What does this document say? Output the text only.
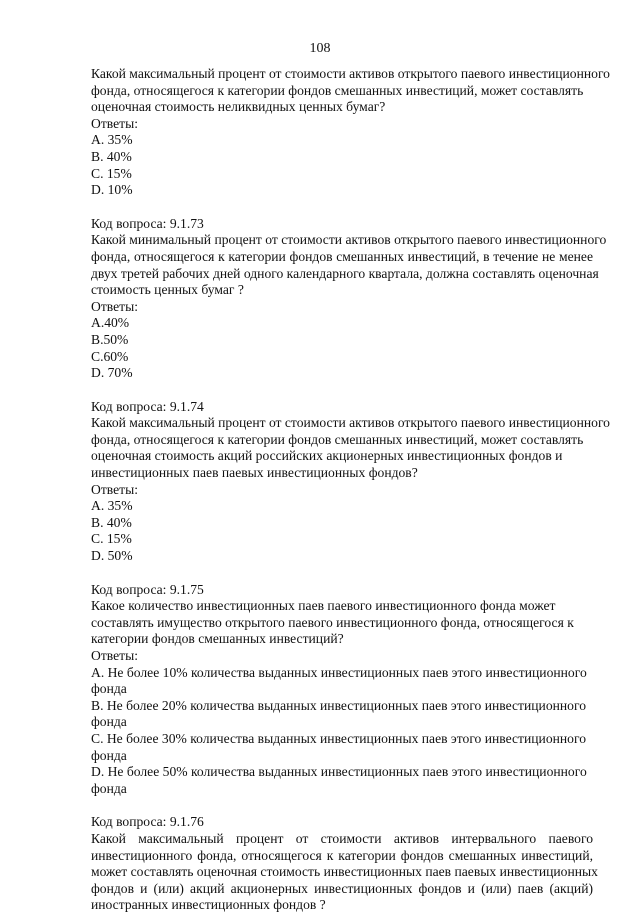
108
Какой максимальный процент от стоимости активов открытого паевого инвестиционного
фонда, относящегося к категории фондов смешанных инвестиций, может составлять
оценочная стоимость неликвидных ценных бумаг?
Ответы:
A. 35%
B. 40%
C. 15%
D. 10%
Код вопроса: 9.1.73
Какой минимальный процент от стоимости активов открытого паевого инвестиционного
фонда, относящегося к категории фондов смешанных инвестиций, в течение не менее
двух третей рабочих дней одного календарного квартала, должна составлять оценочная
стоимость ценных бумаг ?
Ответы:
A.40%
B.50%
C.60%
D. 70%
Код вопроса: 9.1.74
Какой максимальный процент от стоимости активов открытого паевого инвестиционного
фонда, относящегося к категории фондов смешанных инвестиций, может составлять
оценочная стоимость акций российских акционерных инвестиционных фондов и
инвестиционных паев паевых инвестиционных фондов?
Ответы:
A. 35%
B. 40%
C. 15%
D. 50%
Код вопроса: 9.1.75
Какое количество инвестиционных паев паевого инвестиционного фонда может
составлять имущество открытого паевого инвестиционного фонда, относящегося к
категории фондов смешанных инвестиций?
Ответы:
A. Не более 10% количества выданных инвестиционных паев этого инвестиционного
фонда
B. Не более 20% количества выданных инвестиционных паев этого инвестиционного
фонда
C. Не более 30% количества выданных инвестиционных паев этого инвестиционного
фонда
D. Не более 50% количества выданных инвестиционных паев этого инвестиционного
фонда
Код вопроса: 9.1.76
Какой максимальный процент от стоимости активов интервального паевого
инвестиционного фонда, относящегося к категории фондов смешанных инвестиций,
может составлять оценочная стоимость инвестиционных паев паевых инвестиционных
фондов и (или) акций акционерных инвестиционных фондов и (или) паев (акций)
иностранных инвестиционных фондов ?
